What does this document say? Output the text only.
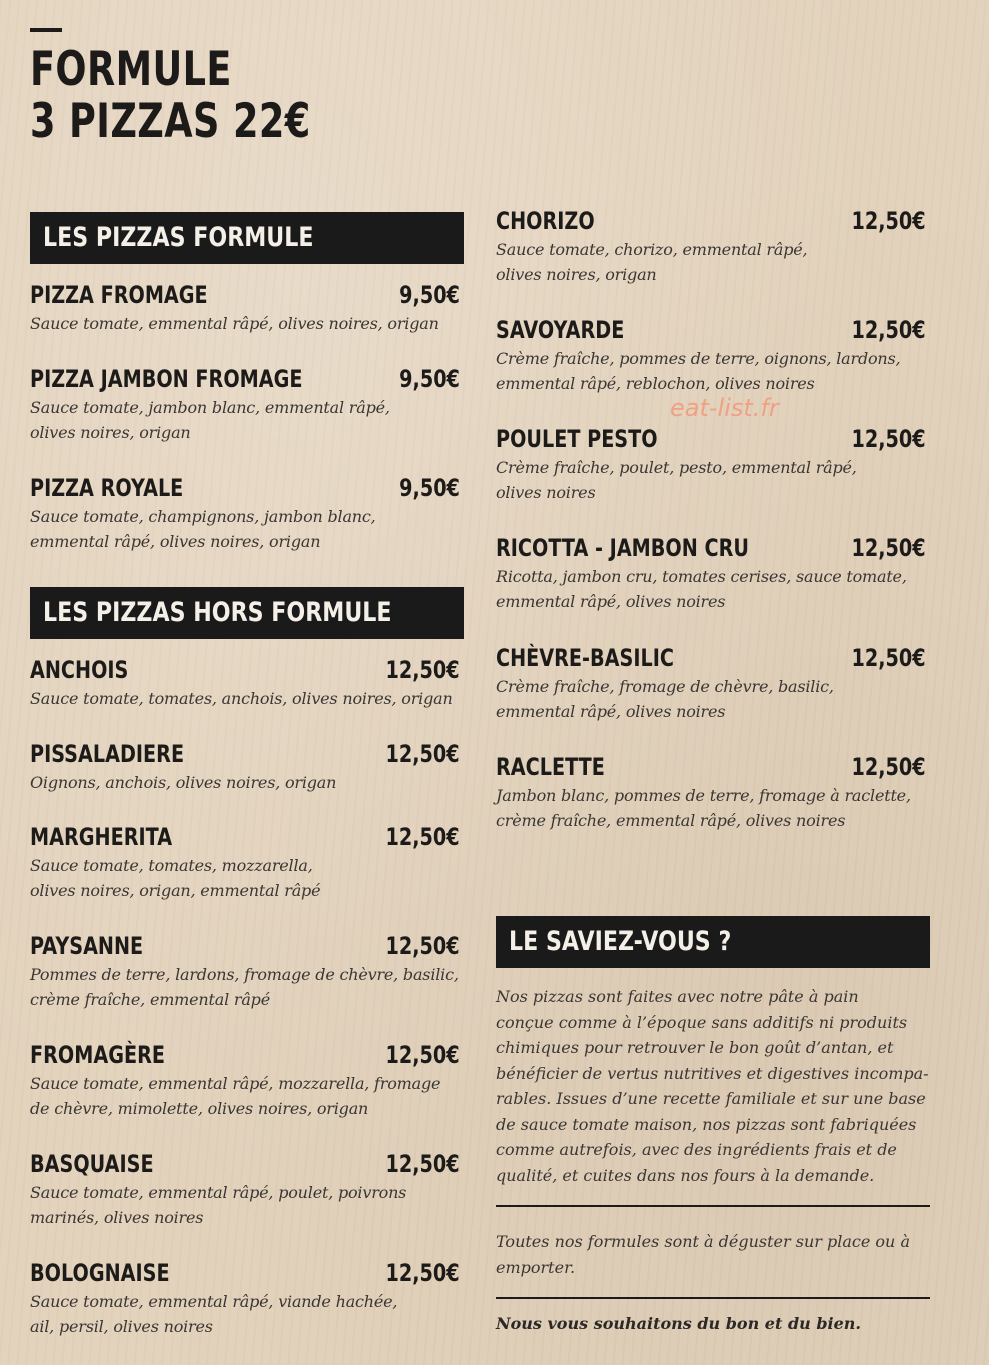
FORMULE
3 PIZZAS 22€
LES PIZZAS FORMULE
PIZZA FROMAGE	9,50€
Sauce tomate, emmental râpé, olives noires, origan
PIZZA JAMBON FROMAGE	9,50€
Sauce tomate, jambon blanc, emmental râpé,
olives noires, origan
PIZZA ROYALE	9,50€
Sauce tomate, champignons, jambon blanc,
emmental râpé, olives noires, origan
LES PIZZAS HORS FORMULE
ANCHOIS	12,50€
Sauce tomate, tomates, anchois, olives noires, origan
PISSALADIERE	12,50€
Oignons, anchois, olives noires, origan
MARGHERITA	12,50€
Sauce tomate, tomates, mozzarella,
olives noires, origan, emmental râpé
PAYSANNE	12,50€
Pommes de terre, lardons, fromage de chèvre, basilic,
crème fraîche, emmental râpé
FROMAGÈRE	12,50€
Sauce tomate, emmental râpé, mozzarella, fromage
de chèvre, mimolette, olives noires, origan
BASQUAISE	12,50€
Sauce tomate, emmental râpé, poulet, poivrons
marinés, olives noires
BOLOGNAISE	12,50€
Sauce tomate, emmental râpé, viande hachée,
ail, persil, olives noires
CHORIZO	12,50€
Sauce tomate, chorizo, emmental râpé,
olives noires, origan
SAVOYARDE	12,50€
Crème fraîche, pommes de terre, oignons, lardons,
emmental râpé, reblochon, olives noires
eat-list.fr
POULET PESTO	12,50€
Crème fraîche, poulet, pesto, emmental râpé,
olives noires
RICOTTA - JAMBON CRU	12,50€
Ricotta, jambon cru, tomates cerises, sauce tomate,
emmental râpé, olives noires
CHÈVRE-BASILIC	12,50€
Crème fraîche, fromage de chèvre, basilic,
emmental râpé, olives noires
RACLETTE	12,50€
Jambon blanc, pommes de terre, fromage à raclette,
crème fraîche, emmental râpé, olives noires
LE SAVIEZ-VOUS ?
Nos pizzas sont faites avec notre pâte à pain
conçue comme à l’époque sans additifs ni produits
chimiques pour retrouver le bon goût d’antan, et
bénéficier de vertus nutritives et digestives incompa-
rables. Issues d’une recette familiale et sur une base
de sauce tomate maison, nos pizzas sont fabriquées
comme autrefois, avec des ingrédients frais et de
qualité, et cuites dans nos fours à la demande.
Toutes nos formules sont à déguster sur place ou à
emporter.
Nous vous souhaitons du bon et du bien.
